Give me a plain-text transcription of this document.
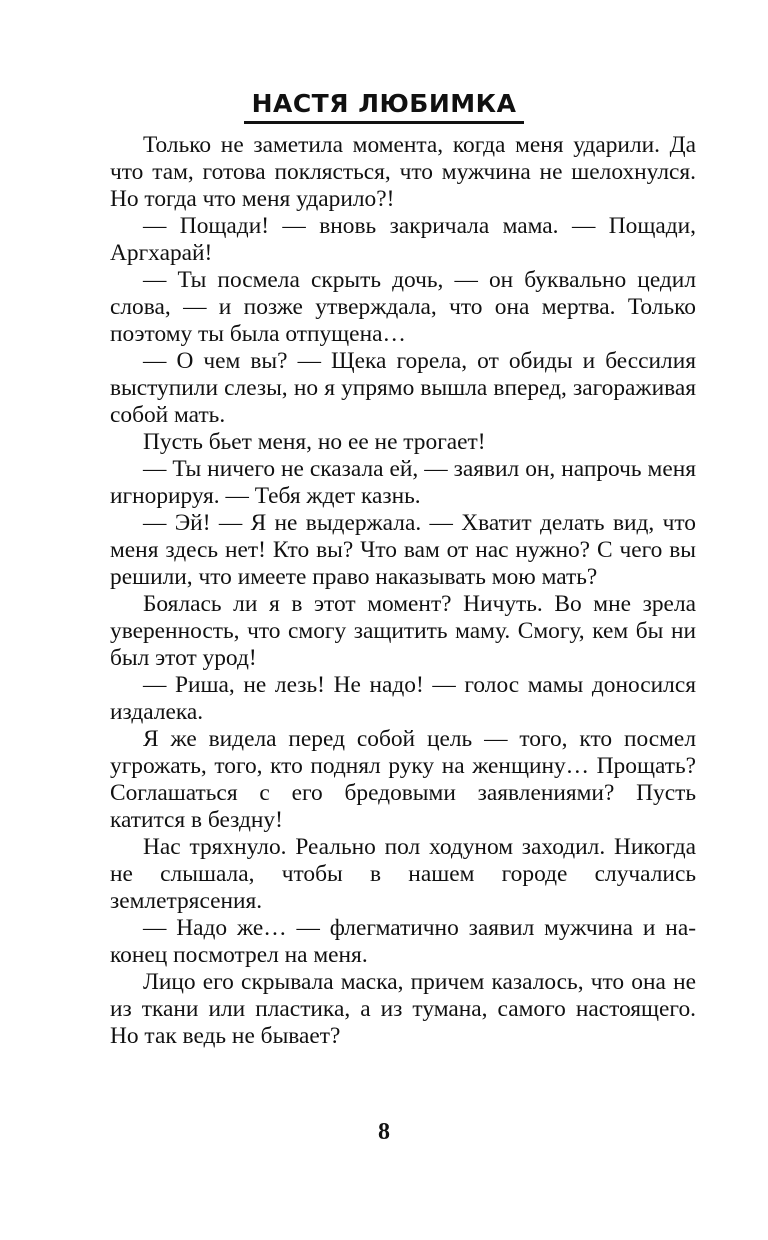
НАСТЯ ЛЮБИМКА

Только не заметила момента, когда меня ударили. Да что там, готова поклясться, что мужчина не шелохнулся. Но тогда что меня ударило?!

— Пощади! — вновь закричала мама. — Пощади, Аргхарай!

— Ты посмела скрыть дочь, — он буквально цедил слова, — и позже утверждала, что она мертва. Только поэтому ты была отпущена…

— О чем вы? — Щека горела, от обиды и бессилия выступили слезы, но я упрямо вышла вперед, загораживая собой мать.

Пусть бьет меня, но ее не трогает!

— Ты ничего не сказала ей, — заявил он, напрочь меня игнорируя. — Тебя ждет казнь.

— Эй! — Я не выдержала. — Хватит делать вид, что меня здесь нет! Кто вы? Что вам от нас нужно? С чего вы решили, что имеете право наказывать мою мать?

Боялась ли я в этот момент? Ничуть. Во мне зрела уверенность, что смогу защитить маму. Смогу, кем бы ни был этот урод!

— Риша, не лезь! Не надо! — голос мамы доносился издалека.

Я же видела перед собой цель — того, кто посмел угрожать, того, кто поднял руку на женщину… Прощать? Соглашаться с его бредовыми заявлениями? Пусть катится в бездну!

Нас тряхнуло. Реально пол ходуном заходил. Никогда не слышала, чтобы в нашем городе случались землетрясения.

— Надо же… — флегматично заявил мужчина и наконец посмотрел на меня.

Лицо его скрывала маска, причем казалось, что она не из ткани или пластика, а из тумана, самого настоящего. Но так ведь не бывает?

8
